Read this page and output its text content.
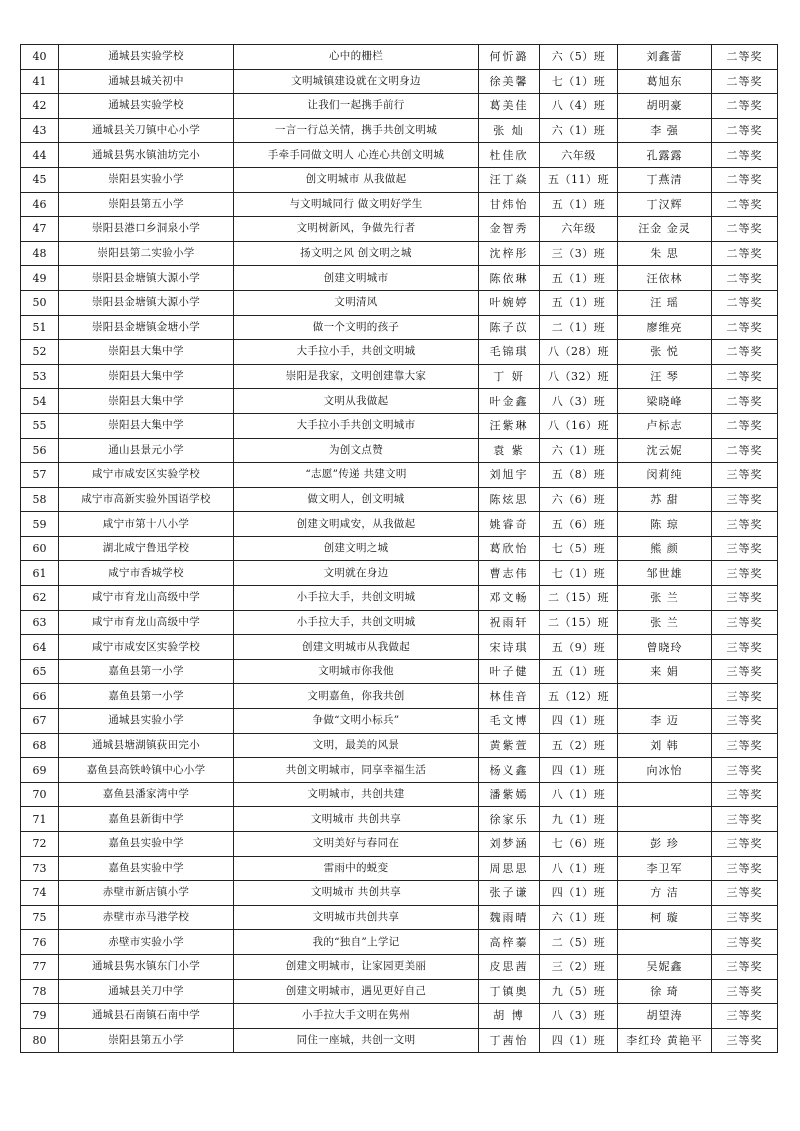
40	通城县实验学校	心中的栅栏	何忻潞	六（5）班	刘鑫蕾	二等奖
41	通城县城关初中	文明城镇建设就在文明身边	徐美馨	七（1）班	葛旭东	二等奖
42	通城县实验学校	让我们一起携手前行	葛美佳	八（4）班	胡明豪	二等奖
43	通城县关刀镇中心小学	一言一行总关情，携手共创文明城	张 灿	六（1）班	李 强	二等奖
44	通城县隽水镇油坊完小	手牵手同做文明人 心连心共创文明城	杜佳欣	六年级	孔露露	二等奖
45	崇阳县实验小学	创文明城市 从我做起	汪丁焱	五（11）班	丁燕清	二等奖
46	崇阳县第五小学	与文明城同行 做文明好学生	甘炜怡	五（1）班	丁汉辉	二等奖
47	崇阳县港口乡洞泉小学	文明树新风，争做先行者	金智秀	六年级	汪金 金灵	二等奖
48	崇阳县第二实验小学	扬文明之风 创文明之城	沈梓彤	三（3）班	朱 思	二等奖
49	崇阳县金塘镇大源小学	创建文明城市	陈依琳	五（1）班	汪依林	二等奖
50	崇阳县金塘镇大源小学	文明清风	叶婉婷	五（1）班	汪 瑶	二等奖
51	崇阳县金塘镇金塘小学	做一个文明的孩子	陈子苡	二（1）班	廖维亮	二等奖
52	崇阳县大集中学	大手拉小手，共创文明城	毛锦琪	八（28）班	张 悦	二等奖
53	崇阳县大集中学	崇阳是我家，文明创建靠大家	丁 妍	八（32）班	汪 琴	二等奖
54	崇阳县大集中学	文明从我做起	叶金鑫	八（3）班	梁晓峰	二等奖
55	崇阳县大集中学	大手拉小手共创文明城市	汪紫琳	八（16）班	卢标志	二等奖
56	通山县景元小学	为创文点赞	袁 紫	六（1）班	沈云妮	二等奖
57	咸宁市咸安区实验学校	“志愿”传递 共建文明	刘旭宇	五（8）班	闵莉纯	三等奖
58	咸宁市高新实验外国语学校	做文明人，创文明城	陈炫思	六（6）班	苏 甜	三等奖
59	咸宁市第十八小学	创建文明咸安，从我做起	姚睿奇	五（6）班	陈 琼	三等奖
60	湖北咸宁鲁迅学校	创建文明之城	葛欣怡	七（5）班	熊 颜	三等奖
61	咸宁市香城学校	文明就在身边	曹志伟	七（1）班	邹世雄	三等奖
62	咸宁市育龙山高级中学	小手拉大手，共创文明城	邓文畅	二（15）班	张 兰	三等奖
63	咸宁市育龙山高级中学	小手拉大手，共创文明城	祝雨轩	二（15）班	张 兰	三等奖
64	咸宁市咸安区实验学校	创建文明城市从我做起	宋诗琪	五（9）班	曾晓玲	三等奖
65	嘉鱼县第一小学	文明城市你我他	叶子健	五（1）班	来 娟	三等奖
66	嘉鱼县第一小学	文明嘉鱼，你我共创	林佳音	五（12）班		三等奖
67	通城县实验小学	争做“文明小标兵”	毛文博	四（1）班	李 迈	三等奖
68	通城县塘湖镇荻田完小	文明，最美的风景	黄紫萱	五（2）班	刘 韩	三等奖
69	嘉鱼县高铁岭镇中心小学	共创文明城市，同享幸福生活	杨义鑫	四（1）班	向冰怡	三等奖
70	嘉鱼县潘家湾中学	文明城市，共创共建	潘紫嫣	八（1）班		三等奖
71	嘉鱼县新街中学	文明城市 共创共享	徐家乐	九（1）班		三等奖
72	嘉鱼县实验中学	文明美好与春同在	刘梦涵	七（6）班	彭 珍	三等奖
73	嘉鱼县实验中学	雷雨中的蜕变	周思思	八（1）班	李卫军	三等奖
74	赤壁市新店镇小学	文明城市 共创共享	张子谦	四（1）班	方 洁	三等奖
75	赤壁市赤马港学校	文明城市共创共享	魏雨晴	六（1）班	柯 璇	三等奖
76	赤壁市实验小学	我的“独自”上学记	高梓蓁	二（5）班		三等奖
77	通城县隽水镇东门小学	创建文明城市，让家园更美丽	皮思茜	三（2）班	吴妮鑫	三等奖
78	通城县关刀中学	创建文明城市，遇见更好自己	丁镇奥	九（5）班	徐 琦	三等奖
79	通城县石南镇石南中学	小手拉大手文明在隽州	胡 博	八（3）班	胡望涛	三等奖
80	崇阳县第五小学	同住一座城，共创一文明	丁茜怡	四（1）班	李红玲 黄艳平	三等奖
